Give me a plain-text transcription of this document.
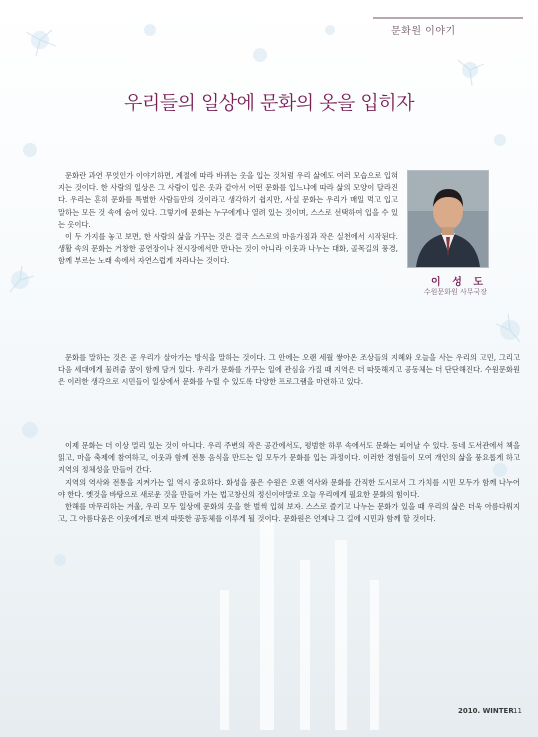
문화원 이야기
우리들의 일상에 문화의 옷을 입히자
이 성 도
수원문화원 사무국장

문화란 과연 무엇인가 이야기하면, 계절에 따라 바뀌는 옷을 입는 것처럼 우리 삶에도 여러 모습으로 입혀지는 것이다. 한 사람의 일상은 그 사람이 입은 옷과 같아서 어떤 문화를 입느냐에 따라 삶의 모양이 달라진다. 우리는 흔히 문화를 특별한 사람들만의 것이라고 생각하기 쉽지만, 사실 문화는 우리가 매일 먹고 입고 말하는 모든 것 속에 숨어 있다. 그렇기에 문화는 누구에게나 열려 있는 것이며, 스스로 선택하여 입을 수 있는 옷이다.

이 두 가지를 놓고 보면, 한 사람의 삶을 가꾸는 것은 결국 스스로의 마음가짐과 작은 실천에서 시작된다. 생활 속의 문화는 거창한 공연장이나 전시장에서만 만나는 것이 아니라 이웃과 나누는 대화, 골목길의 풍경, 함께 부르는 노래 속에서 자연스럽게 자라나는 것이다.

문화를 말하는 것은 곧 우리가 살아가는 방식을 말하는 것이다. 그 안에는 오랜 세월 쌓아온 조상들의 지혜와 오늘을 사는 우리의 고민, 그리고 다음 세대에게 물려줄 꿈이 함께 담겨 있다. 우리가 문화를 가꾸는 일에 관심을 가질 때 지역은 더 따뜻해지고 공동체는 더 단단해진다. 수원문화원은 이러한 생각으로 시민들이 일상에서 문화를 누릴 수 있도록 다양한 프로그램을 마련하고 있다.

이제 문화는 더 이상 멀리 있는 것이 아니다. 우리 주변의 작은 공간에서도, 평범한 하루 속에서도 문화는 피어날 수 있다. 동네 도서관에서 책을 읽고, 마을 축제에 참여하고, 이웃과 함께 전통 음식을 만드는 일 모두가 문화를 입는 과정이다. 이러한 경험들이 모여 개인의 삶을 풍요롭게 하고 지역의 정체성을 만들어 간다.

지역의 역사와 전통을 지켜가는 일 역시 중요하다. 화성을 품은 수원은 오랜 역사와 문화를 간직한 도시로서 그 가치를 시민 모두가 함께 나누어야 한다. 옛것을 바탕으로 새로운 것을 만들어 가는 법고창신의 정신이야말로 오늘 우리에게 필요한 문화의 힘이다.

한해를 마무리하는 겨울, 우리 모두 일상에 문화의 옷을 한 벌씩 입혀 보자. 스스로 즐기고 나누는 문화가 있을 때 우리의 삶은 더욱 아름다워지고, 그 아름다움은 이웃에게로 번져 따뜻한 공동체를 이루게 될 것이다. 문화원은 언제나 그 길에 시민과 함께 할 것이다.

2010. WINTER 11
